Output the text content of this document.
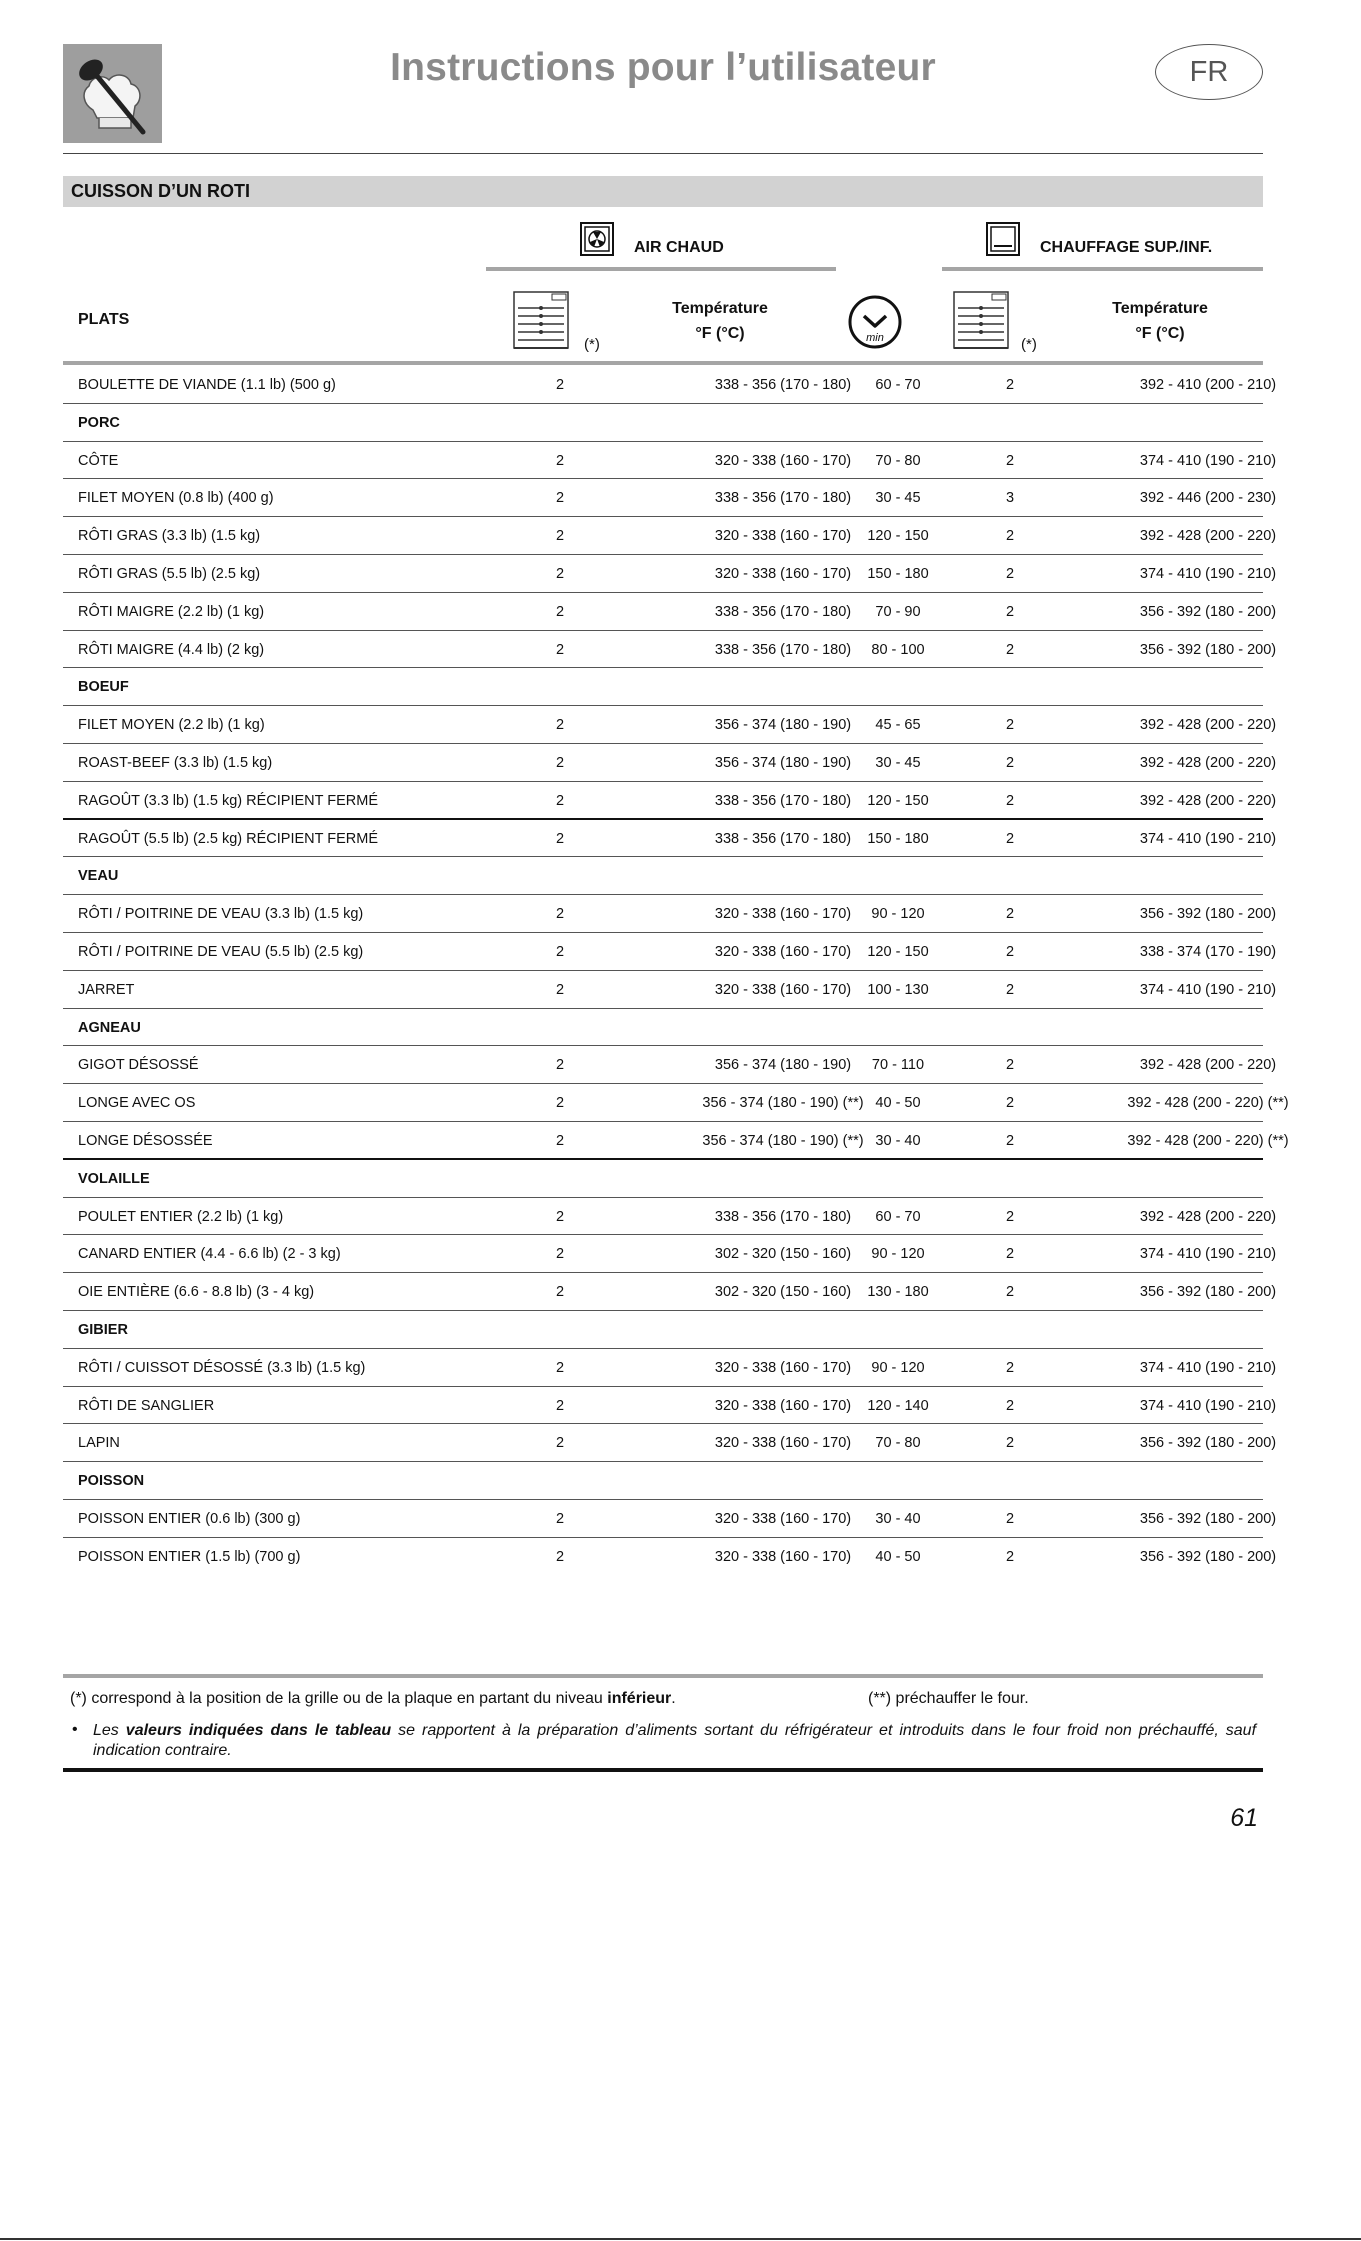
Instructions pour l’utilisateur	FR
CUISSON D’UN ROTI
AIR CHAUD	CHAUFFAGE SUP./INF.
PLATS
(*)
Température
°F (°C)	min	(*)
Température
°F (°C)
BOULETTE DE VIANDE (1.1 lb) (500 g)	2	338 - 356 (170 - 180)	60 - 70	2	392 - 410 (200 - 210)
PORC
CÔTE	2	320 - 338 (160 - 170)	70 - 80	2	374 - 410 (190 - 210)
FILET MOYEN (0.8 lb) (400 g)	2	338 - 356 (170 - 180)	30 - 45	3	392 - 446 (200 - 230)
RÔTI GRAS (3.3 lb) (1.5 kg)	2	320 - 338 (160 - 170)	120 - 150	2	392 - 428 (200 - 220)
RÔTI GRAS (5.5 lb) (2.5 kg)	2	320 - 338 (160 - 170)	150 - 180	2	374 - 410 (190 - 210)
RÔTI MAIGRE (2.2 lb) (1 kg)	2	338 - 356 (170 - 180)	70 - 90	2	356 - 392 (180 - 200)
RÔTI MAIGRE (4.4 lb) (2 kg)	2	338 - 356 (170 - 180)	80 - 100	2	356 - 392 (180 - 200)
BOEUF
FILET MOYEN (2.2 lb) (1 kg)	2	356 - 374 (180 - 190)	45 - 65	2	392 - 428 (200 - 220)
ROAST-BEEF (3.3 lb) (1.5 kg)	2	356 - 374 (180 - 190)	30 - 45	2	392 - 428 (200 - 220)
RAGOÛT (3.3 lb) (1.5 kg) RÉCIPIENT FERMÉ	2	338 - 356 (170 - 180)	120 - 150	2	392 - 428 (200 - 220)
RAGOÛT (5.5 lb) (2.5 kg) RÉCIPIENT FERMÉ	2	338 - 356 (170 - 180)	150 - 180	2	374 - 410 (190 - 210)
VEAU
RÔTI / POITRINE DE VEAU (3.3 lb) (1.5 kg)	2	320 - 338 (160 - 170)	90 - 120	2	356 - 392 (180 - 200)
RÔTI / POITRINE DE VEAU (5.5 lb) (2.5 kg)	2	320 - 338 (160 - 170)	120 - 150	2	338 - 374 (170 - 190)
JARRET	2	320 - 338 (160 - 170)	100 - 130	2	374 - 410 (190 - 210)
AGNEAU
GIGOT DÉSOSSÉ	2	356 - 374 (180 - 190)	70 - 110	2	392 - 428 (200 - 220)
LONGE AVEC OS	2	356 - 374 (180 - 190) (**) 40 - 50	2	392 - 428 (200 - 220) (**)
LONGE DÉSOSSÉE	2	356 - 374 (180 - 190) (**) 30 - 40	2	392 - 428 (200 - 220) (**)
VOLAILLE
POULET ENTIER (2.2 lb) (1 kg)	2	338 - 356 (170 - 180)	60 - 70	2	392 - 428 (200 - 220)
CANARD ENTIER (4.4 - 6.6 lb) (2 - 3 kg)	2	302 - 320 (150 - 160)	90 - 120	2	374 - 410 (190 - 210)
OIE ENTIÈRE (6.6 - 8.8 lb) (3 - 4 kg)	2	302 - 320 (150 - 160)	130 - 180	2	356 - 392 (180 - 200)
GIBIER
RÔTI / CUISSOT DÉSOSSÉ (3.3 lb) (1.5 kg)	2	320 - 338 (160 - 170)	90 - 120	2	374 - 410 (190 - 210)
RÔTI DE SANGLIER	2	320 - 338 (160 - 170)	120 - 140	2	374 - 410 (190 - 210)
LAPIN	2	320 - 338 (160 - 170)	70 - 80	2	356 - 392 (180 - 200)
POISSON
POISSON ENTIER (0.6 lb) (300 g)	2	320 - 338 (160 - 170)	30 - 40	2	356 - 392 (180 - 200)
POISSON ENTIER (1.5 lb) (700 g)	2	320 - 338 (160 - 170)	40 - 50	2	356 - 392 (180 - 200)
(*) correspond à la position de la grille ou de la plaque en partant du niveau inférieur.	(**) préchauffer le four.
• Les valeurs indiquées dans le tableau se rapportent à la préparation d’aliments sortant du réfrigérateur et introduits dans le four froid non préchauffé, sauf indication contraire.
61
